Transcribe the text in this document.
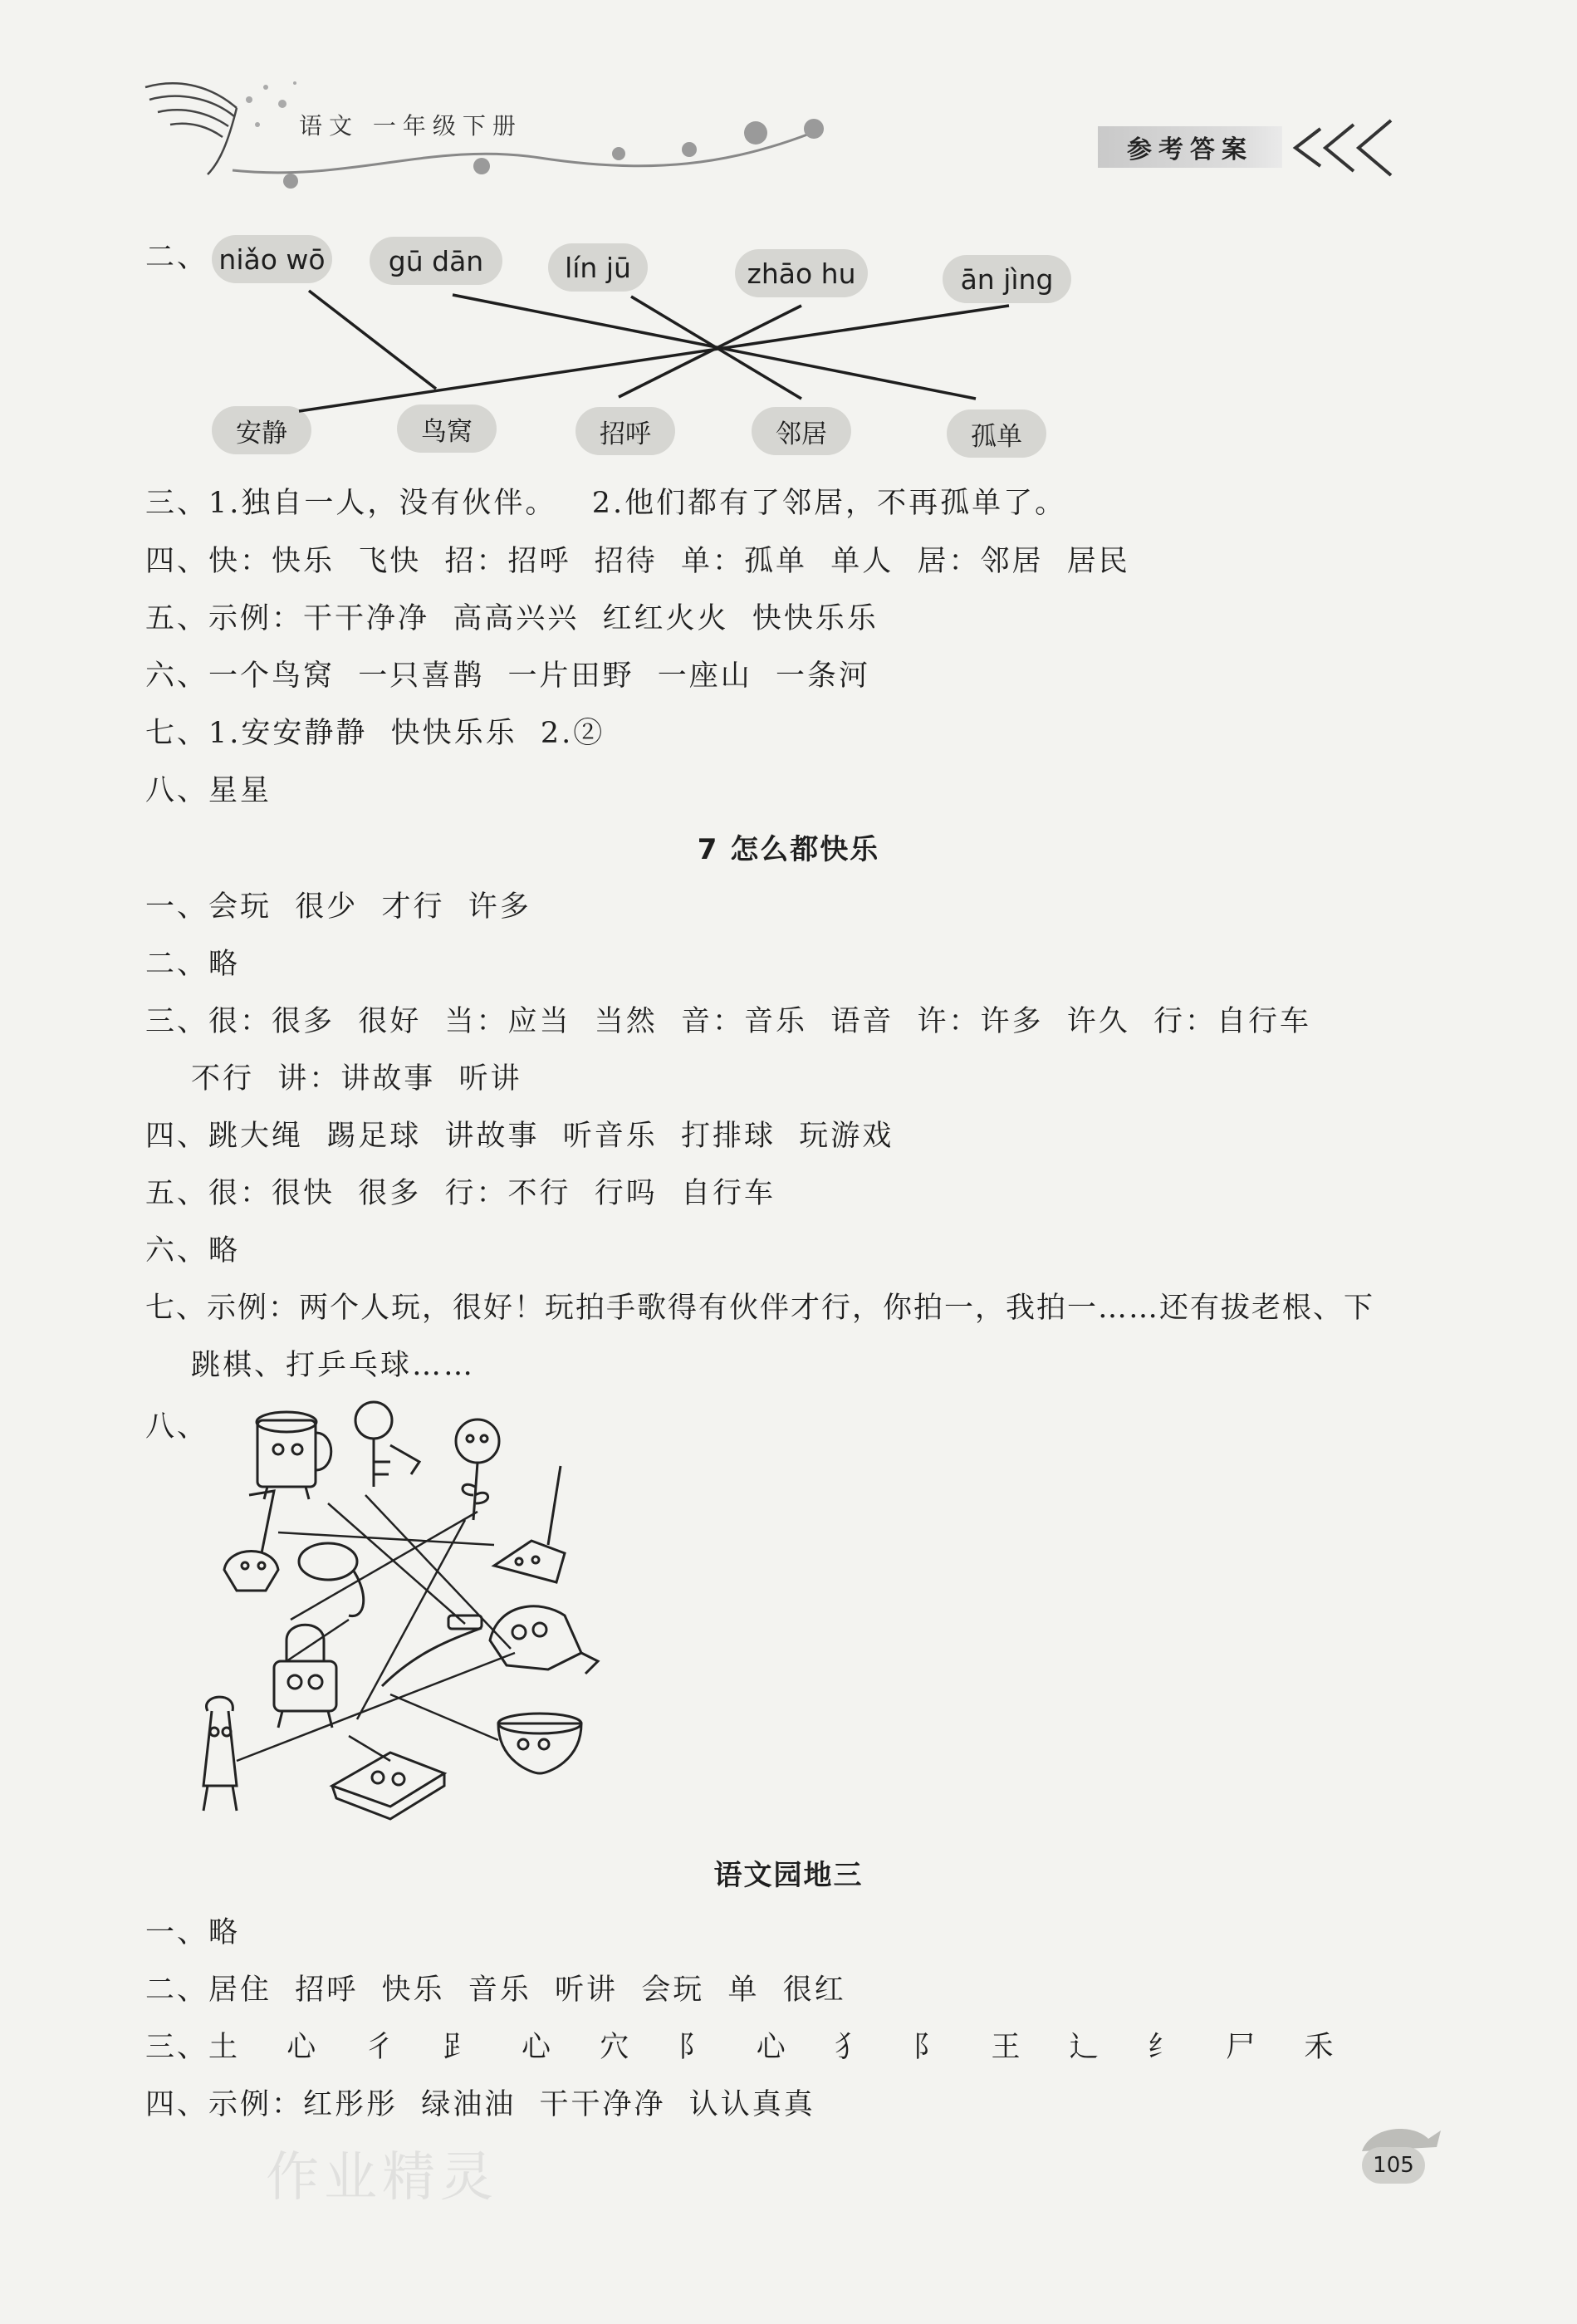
语文 一年级下册
参考答案
二、 niǎo wō	gū dān	lín jū	zhāo hu	ān jìng
安静	鸟窝	招呼	邻居	孤单
三、1.独自一人，没有伙伴。   2.他们都有了邻居，不再孤单了。
四、快：快乐  飞快  招：招呼  招待  单：孤单  单人  居：邻居  居民
五、示例：干干净净  高高兴兴  红红火火  快快乐乐
六、一个鸟窝  一只喜鹊  一片田野  一座山  一条河
七、1.安安静静  快快乐乐  2.②
八、星星
7 怎么都快乐
一、会玩  很少  才行  许多
二、略
三、很：很多  很好  当：应当  当然  音：音乐  语音  许：许多  许久  行：自行车
不行  讲：讲故事  听讲
四、跳大绳  踢足球  讲故事  听音乐  打排球  玩游戏
五、很：很快  很多  行：不行  行吗  自行车
六、略
七、示例：两个人玩，很好！玩拍手歌得有伙伴才行，你拍一，我拍一……还有拔老根、下
跳棋、打乒乓球……
八、
语文园地三
一、略
二、居住  招呼  快乐  音乐  听讲  会玩  单  很红
三、土  心  彳  𧾷  心  穴  阝  心  犭  阝  王  辶  纟  尸  禾
四、示例：红彤彤  绿油油  干干净净  认认真真
作业精灵	105
